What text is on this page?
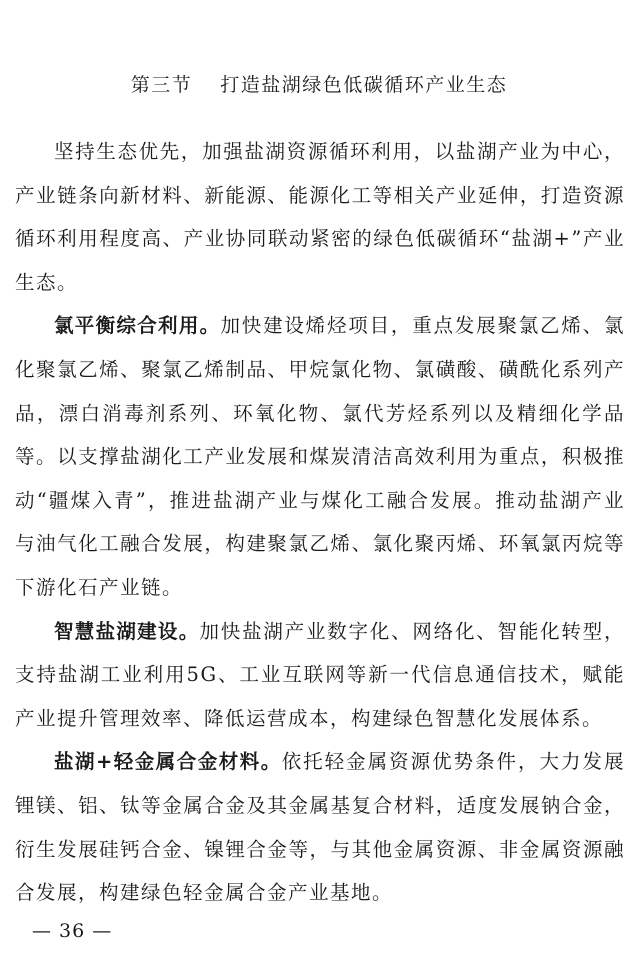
第三节 打造盐湖绿色低碳循环产业生态

坚持生态优先，加强盐湖资源循环利用，以盐湖产业为中心，产业链条向新材料、新能源、能源化工等相关产业延伸，打造资源循环利用程度高、产业协同联动紧密的绿色低碳循环“盐湖+”产业生态。

氯平衡综合利用。加快建设烯烃项目，重点发展聚氯乙烯、氯化聚氯乙烯、聚氯乙烯制品、甲烷氯化物、氯磺酸、磺酰化系列产品，漂白消毒剂系列、环氧化物、氯代芳烃系列以及精细化学品等。以支撑盐湖化工产业发展和煤炭清洁高效利用为重点，积极推动“疆煤入青”，推进盐湖产业与煤化工融合发展。推动盐湖产业与油气化工融合发展，构建聚氯乙烯、氯化聚丙烯、环氧氯丙烷等下游化石产业链。

智慧盐湖建设。加快盐湖产业数字化、网络化、智能化转型，支持盐湖工业利用5G、工业互联网等新一代信息通信技术，赋能产业提升管理效率、降低运营成本，构建绿色智慧化发展体系。

盐湖+轻金属合金材料。依托轻金属资源优势条件，大力发展锂镁、铝、钛等金属合金及其金属基复合材料，适度发展钠合金，衍生发展硅钙合金、镍锂合金等，与其他金属资源、非金属资源融合发展，构建绿色轻金属合金产业基地。

— 36 —
